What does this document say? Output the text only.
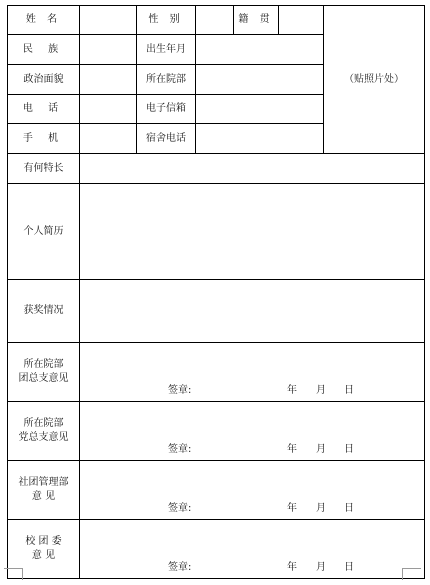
姓 名		性 别		籍 贯		（贴照片处）
民 族		出生年月				
政治面貌		所在院部				
电 话		电子信箱				
手 机		宿舍电话				
有何特长						
个人简历						
获奖情况						

所在院部
团总支意见	签章: 年 月 日					

所在院部
党总支意见	签章: 年 月 日					

社团管理部
意 见	签章: 年 月 日					

校 团 委
意 见	签章: 年 月 日					
